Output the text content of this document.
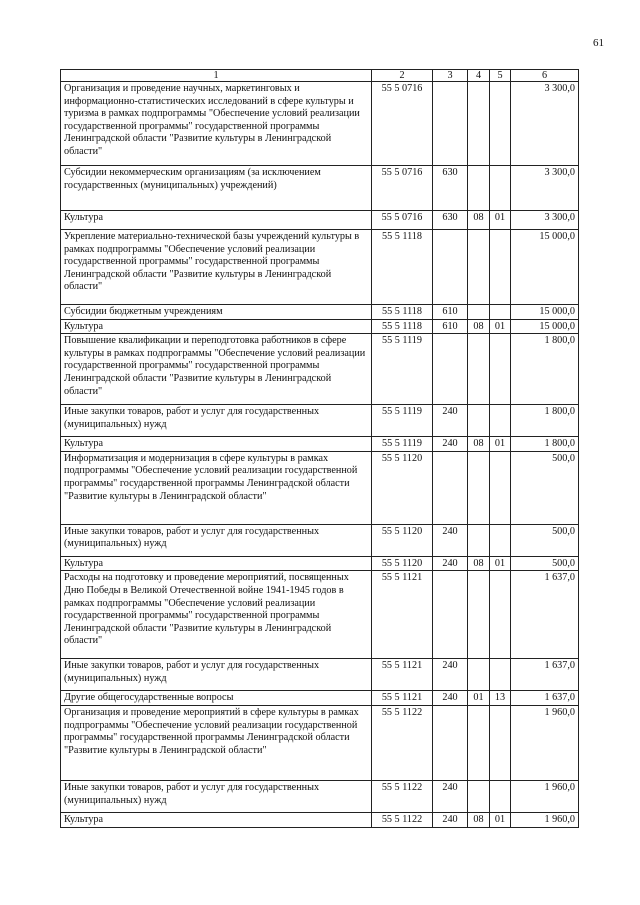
61
1	2	3	4	5	6
Организация и проведение научных, маркетинговых и информационно-статистических исследований в сфере культуры и туризма в рамках подпрограммы "Обеспечение условий реализации государственной программы" государственной программы Ленинградской области "Развитие культуры в Ленинградской области"	55 5 0716				3 300,0
Субсидии некоммерческим организациям (за исключением государственных (муниципальных) учреждений)	55 5 0716	630			3 300,0
Культура	55 5 0716	630	08	01	3 300,0
Укрепление материально-технической базы учреждений культуры в рамках подпрограммы "Обеспечение условий реализации государственной программы" государственной программы Ленинградской области "Развитие культуры в Ленинградской области"	55 5 1118				15 000,0
Субсидии бюджетным учреждениям	55 5 1118	610			15 000,0
Культура	55 5 1118	610	08	01	15 000,0
Повышение квалификации и переподготовка работников в сфере культуры в рамках подпрограммы "Обеспечение условий реализации государственной программы" государственной программы Ленинградской области "Развитие культуры в Ленинградской области"	55 5 1119				1 800,0
Иные закупки товаров, работ и услуг для государственных (муниципальных) нужд	55 5 1119	240			1 800,0
Культура	55 5 1119	240	08	01	1 800,0
Информатизация и модернизация в сфере культуры в рамках подпрограммы "Обеспечение условий реализации государственной программы" государственной программы Ленинградской области "Развитие культуры в Ленинградской области"	55 5 1120				500,0
Иные закупки товаров, работ и услуг для государственных (муниципальных) нужд	55 5 1120	240			500,0
Культура	55 5 1120	240	08	01	500,0
Расходы на подготовку и проведение мероприятий, посвященных Дню Победы в Великой Отечественной войне 1941-1945 годов в рамках подпрограммы "Обеспечение условий реализации государственной программы" государственной программы Ленинградской области "Развитие культуры в Ленинградской области"	55 5 1121				1 637,0
Иные закупки товаров, работ и услуг для государственных (муниципальных) нужд	55 5 1121	240			1 637,0
Другие общегосударственные вопросы	55 5 1121	240	01	13	1 637,0
Организация и проведение мероприятий в сфере культуры в рамках подпрограммы "Обеспечение условий реализации государственной программы" государственной программы Ленинградской области "Развитие культуры в Ленинградской области"	55 5 1122				1 960,0
Иные закупки товаров, работ и услуг для государственных (муниципальных) нужд	55 5 1122	240			1 960,0
Культура	55 5 1122	240	08	01	1 960,0
